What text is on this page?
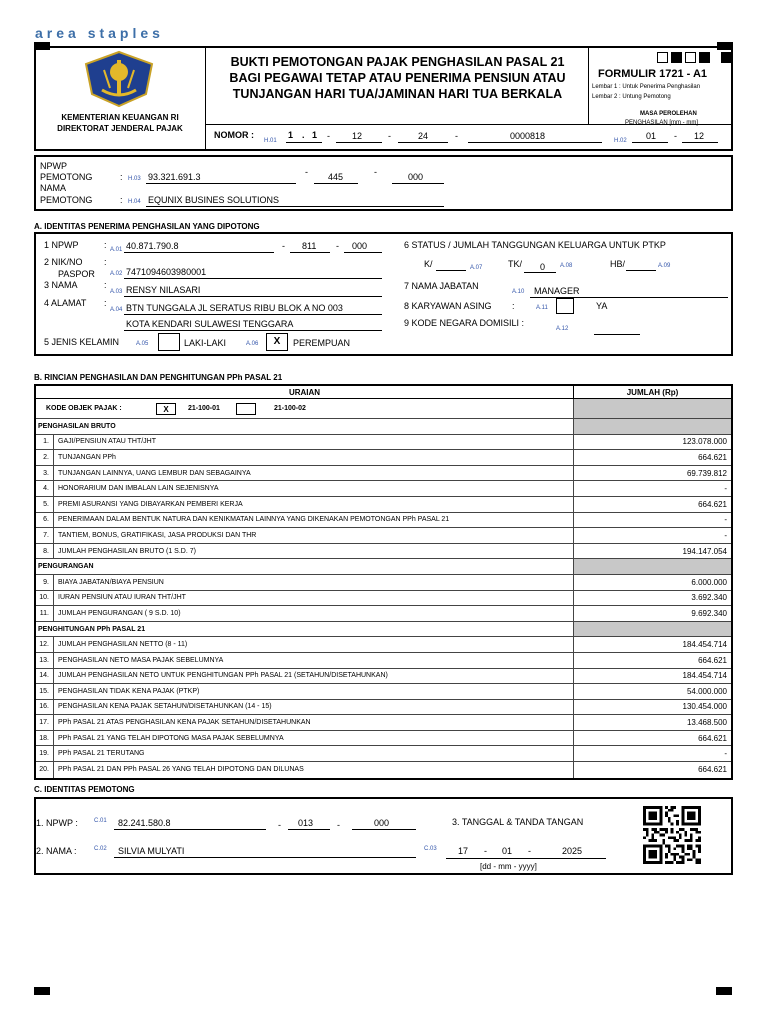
area staples
KEMENTERIAN KEUANGAN RI
DIREKTORAT JENDERAL PAJAK
BUKTI PEMOTONGAN PAJAK PENGHASILAN PASAL 21
BAGI PEGAWAI TETAP ATAU PENERIMA PENSIUN ATAU
TUNJANGAN HARI TUA/JAMINAN HARI TUA BERKALA
FORMULIR 1721 - A1
Lembar 1 : Untuk Penerima Penghasilan
Lembar 2 : Untung Pemotong
NOMOR :
H.01
1 . 1 - 12	-	24	-	0000818
MASA PEROLEHAN
PENGHASILAN [mm - mm]
H.02 01 - 12
NPWP
PEMOTONG	: H.03 93.321.691.3	- 445	-	000
NAMA
PEMOTONG	: H.04 EQUNIX BUSINES SOLUTIONS
A. IDENTITAS PENERIMA PENGHASILAN YANG DIPOTONG
1 NPWP	: A.01 40.871.790.8	- 811 - 000
2 NIK/NO :
PASPOR	A.02 7471094603980001
3 NAMA	:
A.03 RENSY NILASARI
4 ALAMAT :
A.04 BTN TUNGGALA JL SERATUS RIBU BLOK A NO 003
KOTA KENDARI SULAWESI TENGGARA
5 JENIS KELAMIN	A.05	LAKI-LAKI	A.06	X	PEREMPUAN
6 STATUS / JUMLAH TANGGUNGAN KELUARGA UNTUK PTKP
K/	A.07	TK/ 0 A.08	HB/	A.09
7 NAMA JABATAN
A.10 MANAGER
8 KARYAWAN ASING :	A.11	YA
9 KODE NEGARA DOMISILI :
A.12
B. RINCIAN PENGHASILAN DAN PENGHITUNGAN PPh PASAL 21
URAIAN	JUMLAH (Rp)
KODE OBJEK PAJAK :	X	21-100-01	21-100-02
PENGHASILAN BRUTO
1.	GAJI/PENSIUN ATAU THT/JHT	123.078.000
2.	TUNJANGAN PPh	664.621
3.	TUNJANGAN LAINNYA, UANG LEMBUR DAN SEBAGAINYA	69.739.812
4.	HONORARIUM DAN IMBALAN LAIN SEJENISNYA	-
5.	PREMI ASURANSI YANG DIBAYARKAN PEMBERI KERJA	664.621
6.	PENERIMAAN DALAM BENTUK NATURA DAN KENIKMATAN LAINNYA YANG DIKENAKAN PEMOTONGAN PPh PASAL 21	-
7.	TANTIEM, BONUS, GRATIFIKASI, JASA PRODUKSI DAN THR	-
8.	JUMLAH PENGHASILAN BRUTO (1 S.D. 7)	194.147.054
PENGURANGAN
9.	BIAYA JABATAN/BIAYA PENSIUN	6.000.000
10.	IURAN PENSIUN ATAU IURAN THT/JHT	3.692.340
11.	JUMLAH PENGURANGAN ( 9 S.D. 10)	9.692.340
PENGHITUNGAN PPh PASAL 21
12.	JUMLAH PENGHASILAN NETTO (8 - 11)	184.454.714
13.	PENGHASILAN NETO MASA PAJAK SEBELUMNYA	664.621
14.	JUMLAH PENGHASILAN NETO UNTUK PENGHITUNGAN PPh PASAL 21 (SETAHUN/DISETAHUNKAN)	184.454.714
15.	PENGHASILAN TIDAK KENA PAJAK (PTKP)	54.000.000
16.	PENGHASILAN KENA PAJAK SETAHUN/DISETAHUNKAN (14 - 15)	130.454.000
17.	PPh PASAL 21 ATAS PENGHASILAN KENA PAJAK SETAHUN/DISETAHUNKAN	13.468.500
18.	PPh PASAL 21 YANG TELAH DIPOTONG MASA PAJAK SEBELUMNYA	664.621
19.	PPh PASAL 21 TERUTANG	-
20.	PPh PASAL 21 DAN PPh PASAL 26 YANG TELAH DIPOTONG DAN DILUNAS	664.621
C. IDENTITAS PEMOTONG
1. NPWP :	C.01 82.241.580.8	- 013	-	000
2. NAMA :	C.02 SILVIA MULYATI
3. TANGGAL & TANDA TANGAN
C.03 17 - 01 -	2025
[dd - mm - yyyy]
